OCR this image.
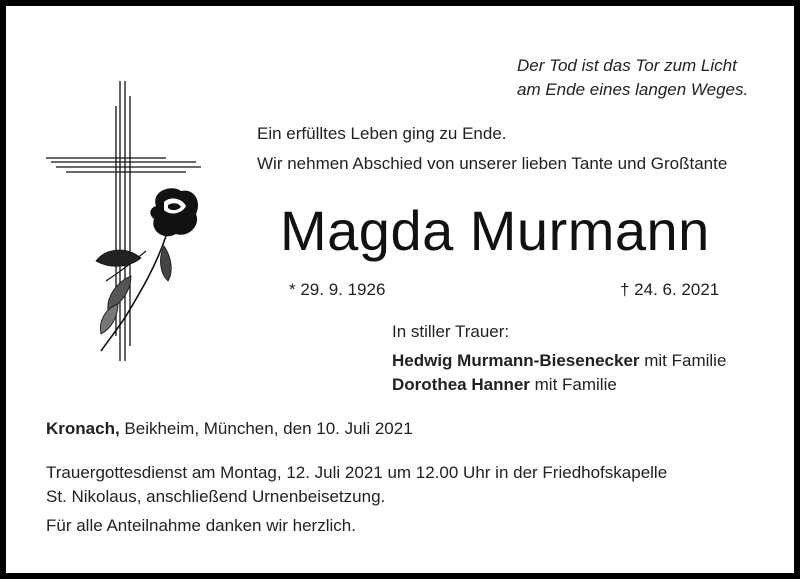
Der Tod ist das Tor zum Licht
am Ende eines langen Weges.
Ein erfülltes Leben ging zu Ende.
Wir nehmen Abschied von unserer lieben Tante und Großtante
Magda Murmann
* 29. 9. 1926	† 24. 6. 2021
In stiller Trauer:
Hedwig Murmann-Biesenecker mit Familie
Dorothea Hanner mit Familie
Kronach, Beikheim, München, den 10. Juli 2021
Trauergottesdienst am Montag, 12. Juli 2021 um 12.00 Uhr in der Friedhofskapelle
St. Nikolaus, anschließend Urnenbeisetzung.
Für alle Anteilnahme danken wir herzlich.
